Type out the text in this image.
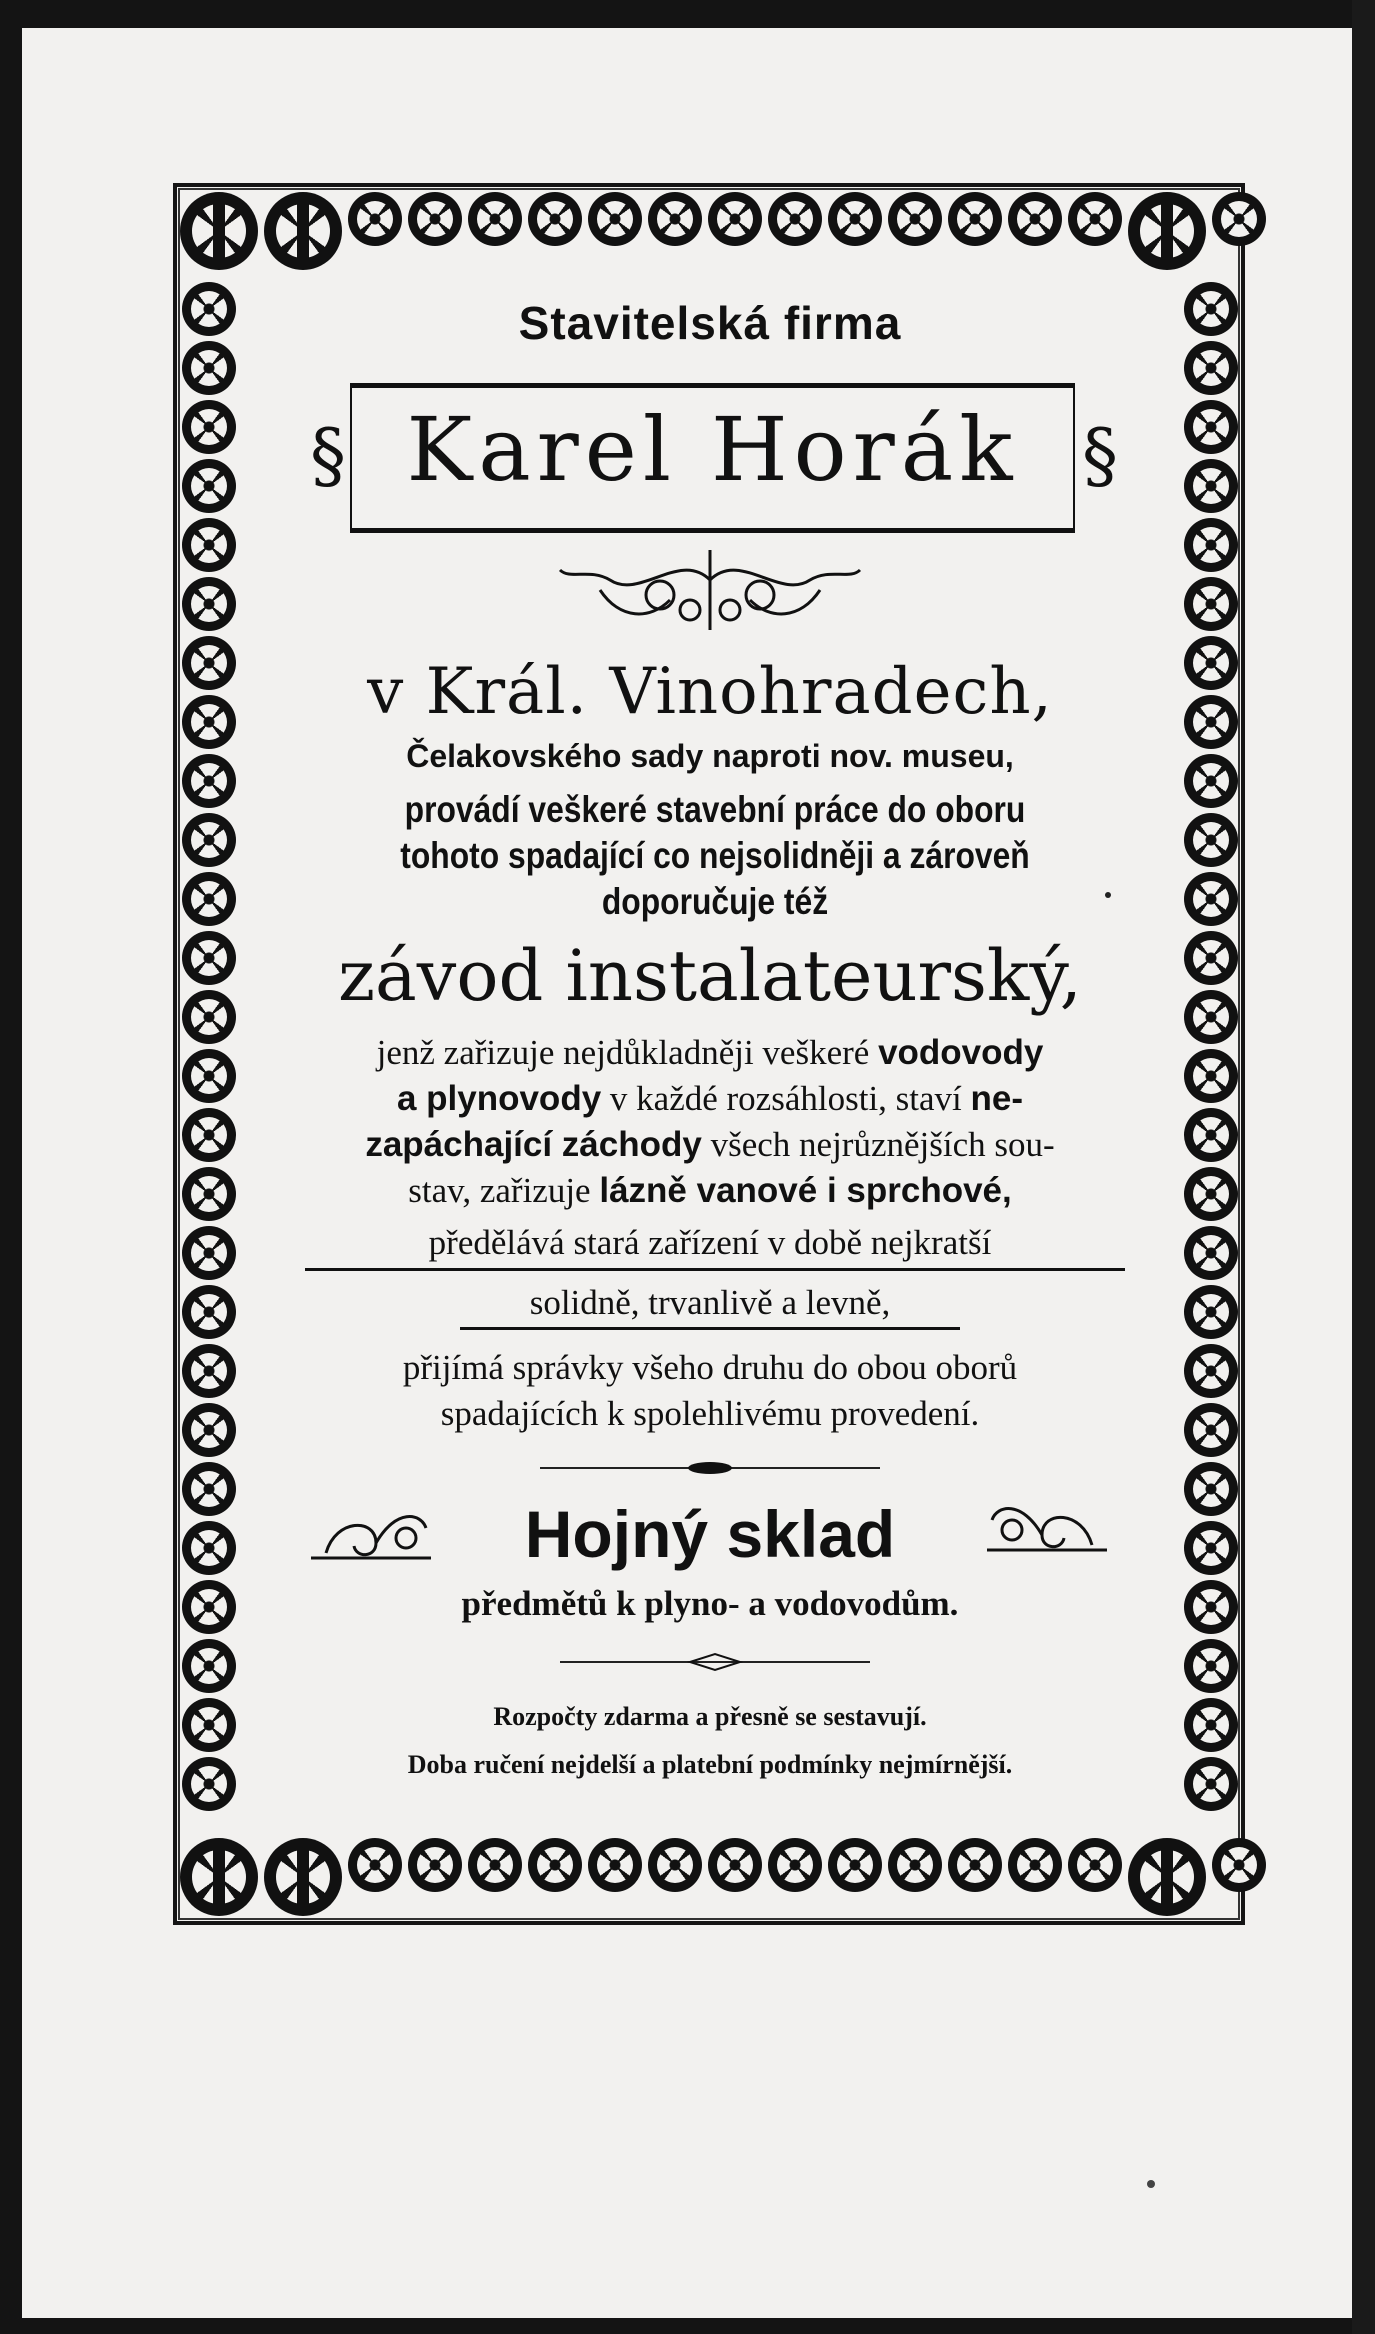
Stavitelská firma

§	§

Karel Horák

v Král. Vinohradech,

Čelakovského sady naproti nov. museu,

provádí veškeré stavební práce do oboru

tohoto spadající co nejsolidněji a zároveň

doporučuje též

závod instalateurský,

jenž zařizuje nejdůkladněji veškeré vodovody

a plynovody v každé rozsáhlosti, staví ne-

zapáchající záchody všech nejrůznějších sou-

stav, zařizuje lázně vanové i sprchové,

předělává stará zařízení v době nejkratší

solidně, trvanlivě a levně,

přijímá správky všeho druhu do obou oborů

spadajících k spolehlivému provedení.

Hojný sklad

předmětů k plyno- a vodovodům.

Rozpočty zdarma a přesně se sestavují.

Doba ručení nejdelší a platební podmínky nejmírnější.
